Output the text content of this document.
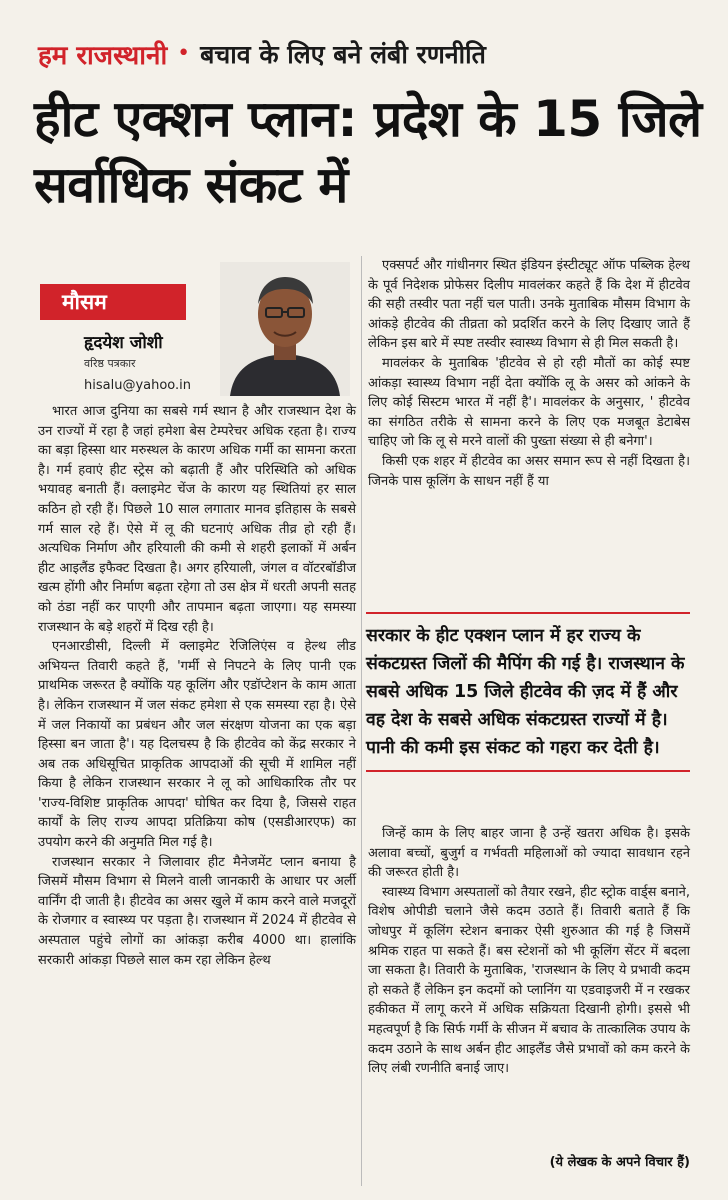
हम राजस्थानी • बचाव के लिए बने लंबी रणनीति
हीट एक्शन प्लान: प्रदेश के 15 जिले सर्वाधिक संकट में
मौसम
हृदयेश जोशी
वरिष्ठ पत्रकार
hisalu@yahoo.in

भारत आज दुनिया का सबसे गर्म स्थान है और राजस्थान देश के उन राज्यों में रहा है जहां हमेशा बेस टेम्परेचर अधिक रहता है। राज्य का बड़ा हिस्सा थार मरुस्थल के कारण अधिक गर्मी का सामना करता है। गर्म हवाएं हीट स्ट्रेस को बढ़ाती हैं और परिस्थिति को अधिक भयावह बनाती हैं। क्लाइमेट चेंज के कारण यह स्थितियां हर साल कठिन हो रही हैं। पिछले 10 साल लगातार मानव इतिहास के सबसे गर्म साल रहे हैं। ऐसे में लू की घटनाएं अधिक तीव्र हो रही हैं। अत्यधिक निर्माण और हरियाली की कमी से शहरी इलाकों में अर्बन हीट आइलैंड इफैक्ट दिखता है। अगर हरियाली, जंगल व वॉटरबॉडीज खत्म होंगी और निर्माण बढ़ता रहेगा तो उस क्षेत्र में धरती अपनी सतह को ठंडा नहीं कर पाएगी और तापमान बढ़ता जाएगा। यह समस्या राजस्थान के बड़े शहरों में दिख रही है।

एनआरडीसी, दिल्ली में क्लाइमेट रेजिलिएंस व हेल्थ लीड अभियन्त तिवारी कहते हैं, 'गर्मी से निपटने के लिए पानी एक प्राथमिक जरूरत है क्योंकि यह कूलिंग और एडॉप्टेशन के काम आता है। लेकिन राजस्थान में जल संकट हमेशा से एक समस्या रहा है। ऐसे में जल निकायों का प्रबंधन और जल संरक्षण योजना का एक बड़ा हिस्सा बन जाता है'। यह दिलचस्प है कि हीटवेव को केंद्र सरकार ने अब तक अधिसूचित प्राकृतिक आपदाओं की सूची में शामिल नहीं किया है लेकिन राजस्थान सरकार ने लू को आधिकारिक तौर पर 'राज्य-विशिष्ट प्राकृतिक आपदा' घोषित कर दिया है, जिससे राहत कार्यों के लिए राज्य आपदा प्रतिक्रिया कोष (एसडीआरएफ) का उपयोग करने की अनुमति मिल गई है।

राजस्थान सरकार ने जिलावार हीट मैनेजमेंट प्लान बनाया है जिसमें मौसम विभाग से मिलने वाली जानकारी के आधार पर अर्ली वार्निंग दी जाती है। हीटवेव का असर खुले में काम करने वाले मजदूरों के रोजगार व स्वास्थ्य पर पड़ता है। राजस्थान में 2024 में हीटवेव से अस्पताल पहुंचे लोगों का आंकड़ा करीब 4000 था। हालांकि सरकारी आंकड़ा पिछले साल कम रहा लेकिन हेल्थ

एक्सपर्ट और गांधीनगर स्थित इंडियन इंस्टीट्यूट ऑफ पब्लिक हेल्थ के पूर्व निदेशक प्रोफेसर दिलीप मावलंकर कहते हैं कि देश में हीटवेव की सही तस्वीर पता नहीं चल पाती। उनके मुताबिक मौसम विभाग के आंकड़े हीटवेव की तीव्रता को प्रदर्शित करने के लिए दिखाए जाते हैं लेकिन इस बारे में स्पष्ट तस्वीर स्वास्थ्य विभाग से ही मिल सकती है।

मावलंकर के मुताबिक 'हीटवेव से हो रही मौतों का कोई स्पष्ट आंकड़ा स्वास्थ्य विभाग नहीं देता क्योंकि लू के असर को आंकने के लिए कोई सिस्टम भारत में नहीं है'। मावलंकर के अनुसार, ' हीटवेव का संगठित तरीके से सामना करने के लिए एक मजबूत डेटाबेस चाहिए जो कि लू से मरने वालों की पुख्ता संख्या से ही बनेगा'।

किसी एक शहर में हीटवेव का असर समान रूप से नहीं दिखता है। जिनके पास कूलिंग के साधन नहीं हैं या

सरकार के हीट एक्शन प्लान में हर राज्य के संकटग्रस्त जिलों की मैपिंग की गई है। राजस्थान के सबसे अधिक 15 जिले हीटवेव की ज़द में हैं और वह देश के सबसे अधिक संकटग्रस्त राज्यों में है। पानी की कमी इस संकट को गहरा कर देती है।

जिन्हें काम के लिए बाहर जाना है उन्हें खतरा अधिक है। इसके अलावा बच्चों, बुजुर्ग व गर्भवती महिलाओं को ज्यादा सावधान रहने की जरूरत होती है।

स्वास्थ्य विभाग अस्पतालों को तैयार रखने, हीट स्ट्रोक वार्ड्स बनाने, विशेष ओपीडी चलाने जैसे कदम उठाते हैं। तिवारी बताते हैं कि जोधपुर में कूलिंग स्टेशन बनाकर ऐसी शुरुआत की गई है जिसमें श्रमिक राहत पा सकते हैं। बस स्टेशनों को भी कूलिंग सेंटर में बदला जा सकता है। तिवारी के मुताबिक, 'राजस्थान के लिए ये प्रभावी कदम हो सकते हैं लेकिन इन कदमों को प्लानिंग या एडवाइजरी में न रखकर हकीकत में लागू करने में अधिक सक्रियता दिखानी होगी। इससे भी महत्वपूर्ण है कि सिर्फ गर्मी के सीजन में बचाव के तात्कालिक उपाय के कदम उठाने के साथ अर्बन हीट आइलैंड जैसे प्रभावों को कम करने के लिए लंबी रणनीति बनाई जाए।

(ये लेखक के अपने विचार हैं)
